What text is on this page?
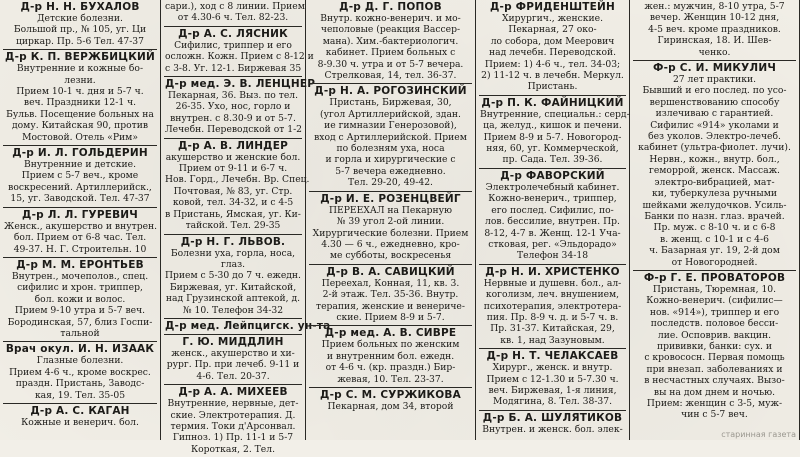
Д-р Н. Н. БУХАЛОВ
Детские болезни.
Большой пр., № 105, уг. Ци
циркар. Пр. 5-6 Тел. 47-37
Д-р К. П. ВЕРЖБИЦКИЙ
Внутренние и кожные бо-
лезни.
Прием 10-1 ч. дня и 5-7 ч.
веч. Праздники 12-1 ч.
Бульв. Посещение больных на
дому. Китайская 90, против
Мостовой. Отель «Рим»
Д-р И. Л. ГОЛЬДЕРИН
Внутренние и детские.
Прием с 5-7 веч., кроме
воскресений. Артиллерийск.,
15, уг. Заводской. Тел. 47-37
Д-р Л. Л. ГУРЕВИЧ
Женск., акушерство и внутрен.
бол. Прием от 6-8 час. Тел.
49-37. Н. Г. Строительн. 10
Д-р М. М. ЕРОНТЬЕВ
Внутрен., мочеполов., спец.
сифилис и хрон. триппер,
бол. кожи и волос.
Прием 9-10 утра и 5-7 веч.
Бородинская, 57, близ Госпи-
тальной
Врач окул. И. Н. ИЗААК
Глазные болезни.
Прием 4-6 ч., кроме воскрес.
праздн. Пристань, Заводс-
кая, 19. Тел. 35-05
Д-р А. С. КАГАН
Кожные и венерич. бол.
сари.), ход с 8 линии. Прием
от 4.30-6 ч. Тел. 82-23.
Д-р А. С. ЛЯСНИК
Сифилис, триппер и его
осложн. Кожн. Прием с 8-12 и
с 3-8. Уг. 12-1. Биржевая 35
Д-р мед. Э. В. ЛЕНЦНЕР
Пекарная, 36. Выз. по тел.
26-35. Ухо, нос, горло и
внутрен. с 8.30-9 и от 5-7.
Лечебн. Переводской от 1-2
Д-р А. В. ЛИНДЕР
акушерство и женские бол.
Прием от 9-11 и 6-7 ч.
Нов. Горд., Лечебн. Вр. Спец.
Почтовая, № 83, уг. Стр.
ковой, тел. 34-32, и с 4-5
в Пристань, Ямская, уг. Ки-
тайской. Тел. 29-35
Д-р Н. Г. ЛЬВОВ.
Болезни уха, горла, носа,
глаз.
Прием с 5-30 до 7 ч. ежедн.
Биржевая, уг. Китайской,
над Грузинской аптекой, д.
№ 10. Телефон 34-32
Д-р мед. Лейпцигск. ун-та
Г. Ю. МИДДЛИН
женск., акушерство и хи-
рург. Пр. при лечеб. 9-11 и
4-6. Тел. 20-37.
Д-р А. А. МИХЕЕВ
Внутренние, нервные, дет-
ские. Электротерапия. Д.
термия. Токи д'Арсонвал.
Гипноз. 1) Пр. 11-1 и 5-7
Короткая, 2. Тел.
Д-р Д. Г. ПОПОВ
Внутр. кожно-венерич. и мо-
чеполовые (реакция Вассер-
мана). Хим.-бактериологич.
кабинет. Прием больных с
8-9.30 ч. утра и от 5-7 вечера.
Стрелковая, 14, тел. 36-37.
Д-р Н. А. РОГОЗИНСКИЙ
Пристань, Биржевая, 30,
(угол Артиллерийской, здан.
ие гимназии Генерозовой),
вход с Артиллерийской. Прием
по болезням уха, носа
и горла и хирургические с
5-7 вечера ежедневно.
Тел. 29-20, 49-42.
Д-р И. Е. РОЗЕНЦВЕЙГ
ПЕРЕЕХАЛ на Пекарную
№ 39 угол 2-ой линии.
Хирургические болезни. Прием
4.30 — 6 ч., ежедневно, кро-
ме субботы, воскресенья
Д-р В. А. САВИЦКИЙ
Переехал, Конная, 11, кв. 3.
2-й этаж. Тел. 35-36. Внутр.
терапия, женские и венериче-
ские. Прием 8-9 и 5-7.
Д-р мед. А. В. СИВРЕ
Прием больных по женским
и внутренним бол. ежедн.
от 4-6 ч. (кр. праздн.) Бир-
жевая, 10. Тел. 23-37.
Д-р С. М. СУРЖИКОВА
Пекарная, дом 34, второй
Д-р ФРИДЕНШТЕЙН
Хирургич., женские.
Пекарная, 27 око-
ло собора, дом Меерович
над лечебн. Переводской.
Прием: 1) 4-6 ч., тел. 34-03;
2) 11-12 ч. в лечебн. Меркул.
Пристань.
Д-р П. К. ФАЙНИЦКИЙ
Внутренние, специальн.: серд-
ца, желуд., кишок и печени.
Прием 8-9 и 5-7. Новогород-
няя, 60, уг. Коммерческой,
пр. Сада. Тел. 39-36.
Д-р ФАВОРСКИЙ
Электролечебный кабинет.
Кожно-венерич., триппер,
его послед. Сифилис, по-
лов. бессилие, внутрен. Пр.
8-12, 4-7 в. Женщ. 12-1 Уча-
стковая, рег. «Эльдорадо»
Телефон 34-18
Д-р Н. И. ХРИСТЕНКО
Нервные и душевн. бол., ал-
коголизм, леч. внушением,
психотерапия, электротера-
пия. Пр. 8-9 ч. д. и 5-7 ч. в.
Пр. 31-37. Китайская, 29,
кв. 1, над Зазуновым.
Д-р Н. Т. ЧЕЛАКСАЕВ
Хирург., женск. и внутр.
Прием с 12-1.30 и 5-7.30 ч.
веч. Биржевая, 1-я линия,
Модягина, 8. Тел. 38-37.
Д-р Б. А. ШУЛЯТИКОВ
Внутрен. и женск. бол. элек-
жен.: мужчин, 8-10 утра, 5-7
вечер. Женщин 10-12 дня,
4-5 веч. кроме праздников.
Гиринская, 18. И. Шев-
ченко.
Ф-р С. И. МИКУЛИЧ
27 лет практики.
Бывший и его послед. по усо-
вершенствованию способу
излечиваю с гарантией.
Сифилис «914» уколами и
без уколов. Электро-лечеб.
кабинет (ультра-фиолет. лучи).
Нервн., кожн., внутр. бол.,
геморрой, женск. Массаж.
электро-вибрацией, мат-
ки, туберкулеза ручными
шейками желудочков. Усиль-
Банки по назн. глаз. врачей.
Пр. муж. с 8-10 ч. и с 6-8
в. женщ. с 10-1 и с 4-6
ч. Базарная уг. 19, 2-й дом
от Новогородней.
Ф-р Г. Е. ПРОВАТОРОВ
Пристань, Тюремная, 10.
Кожно-венерич. (сифилис—
нов. «914»), триппер и его
последств. половое бесси-
лие. Осповрив. вакцин.
прививки, банки: сух. и
с кровососн. Первая помощь
при внезап. заболеваниях и
в несчастных случаях. Вызо-
вы на дом днем и ночью.
Прием: женщин с 3-5, муж-
чин с 5-7 веч.
старинная газета
